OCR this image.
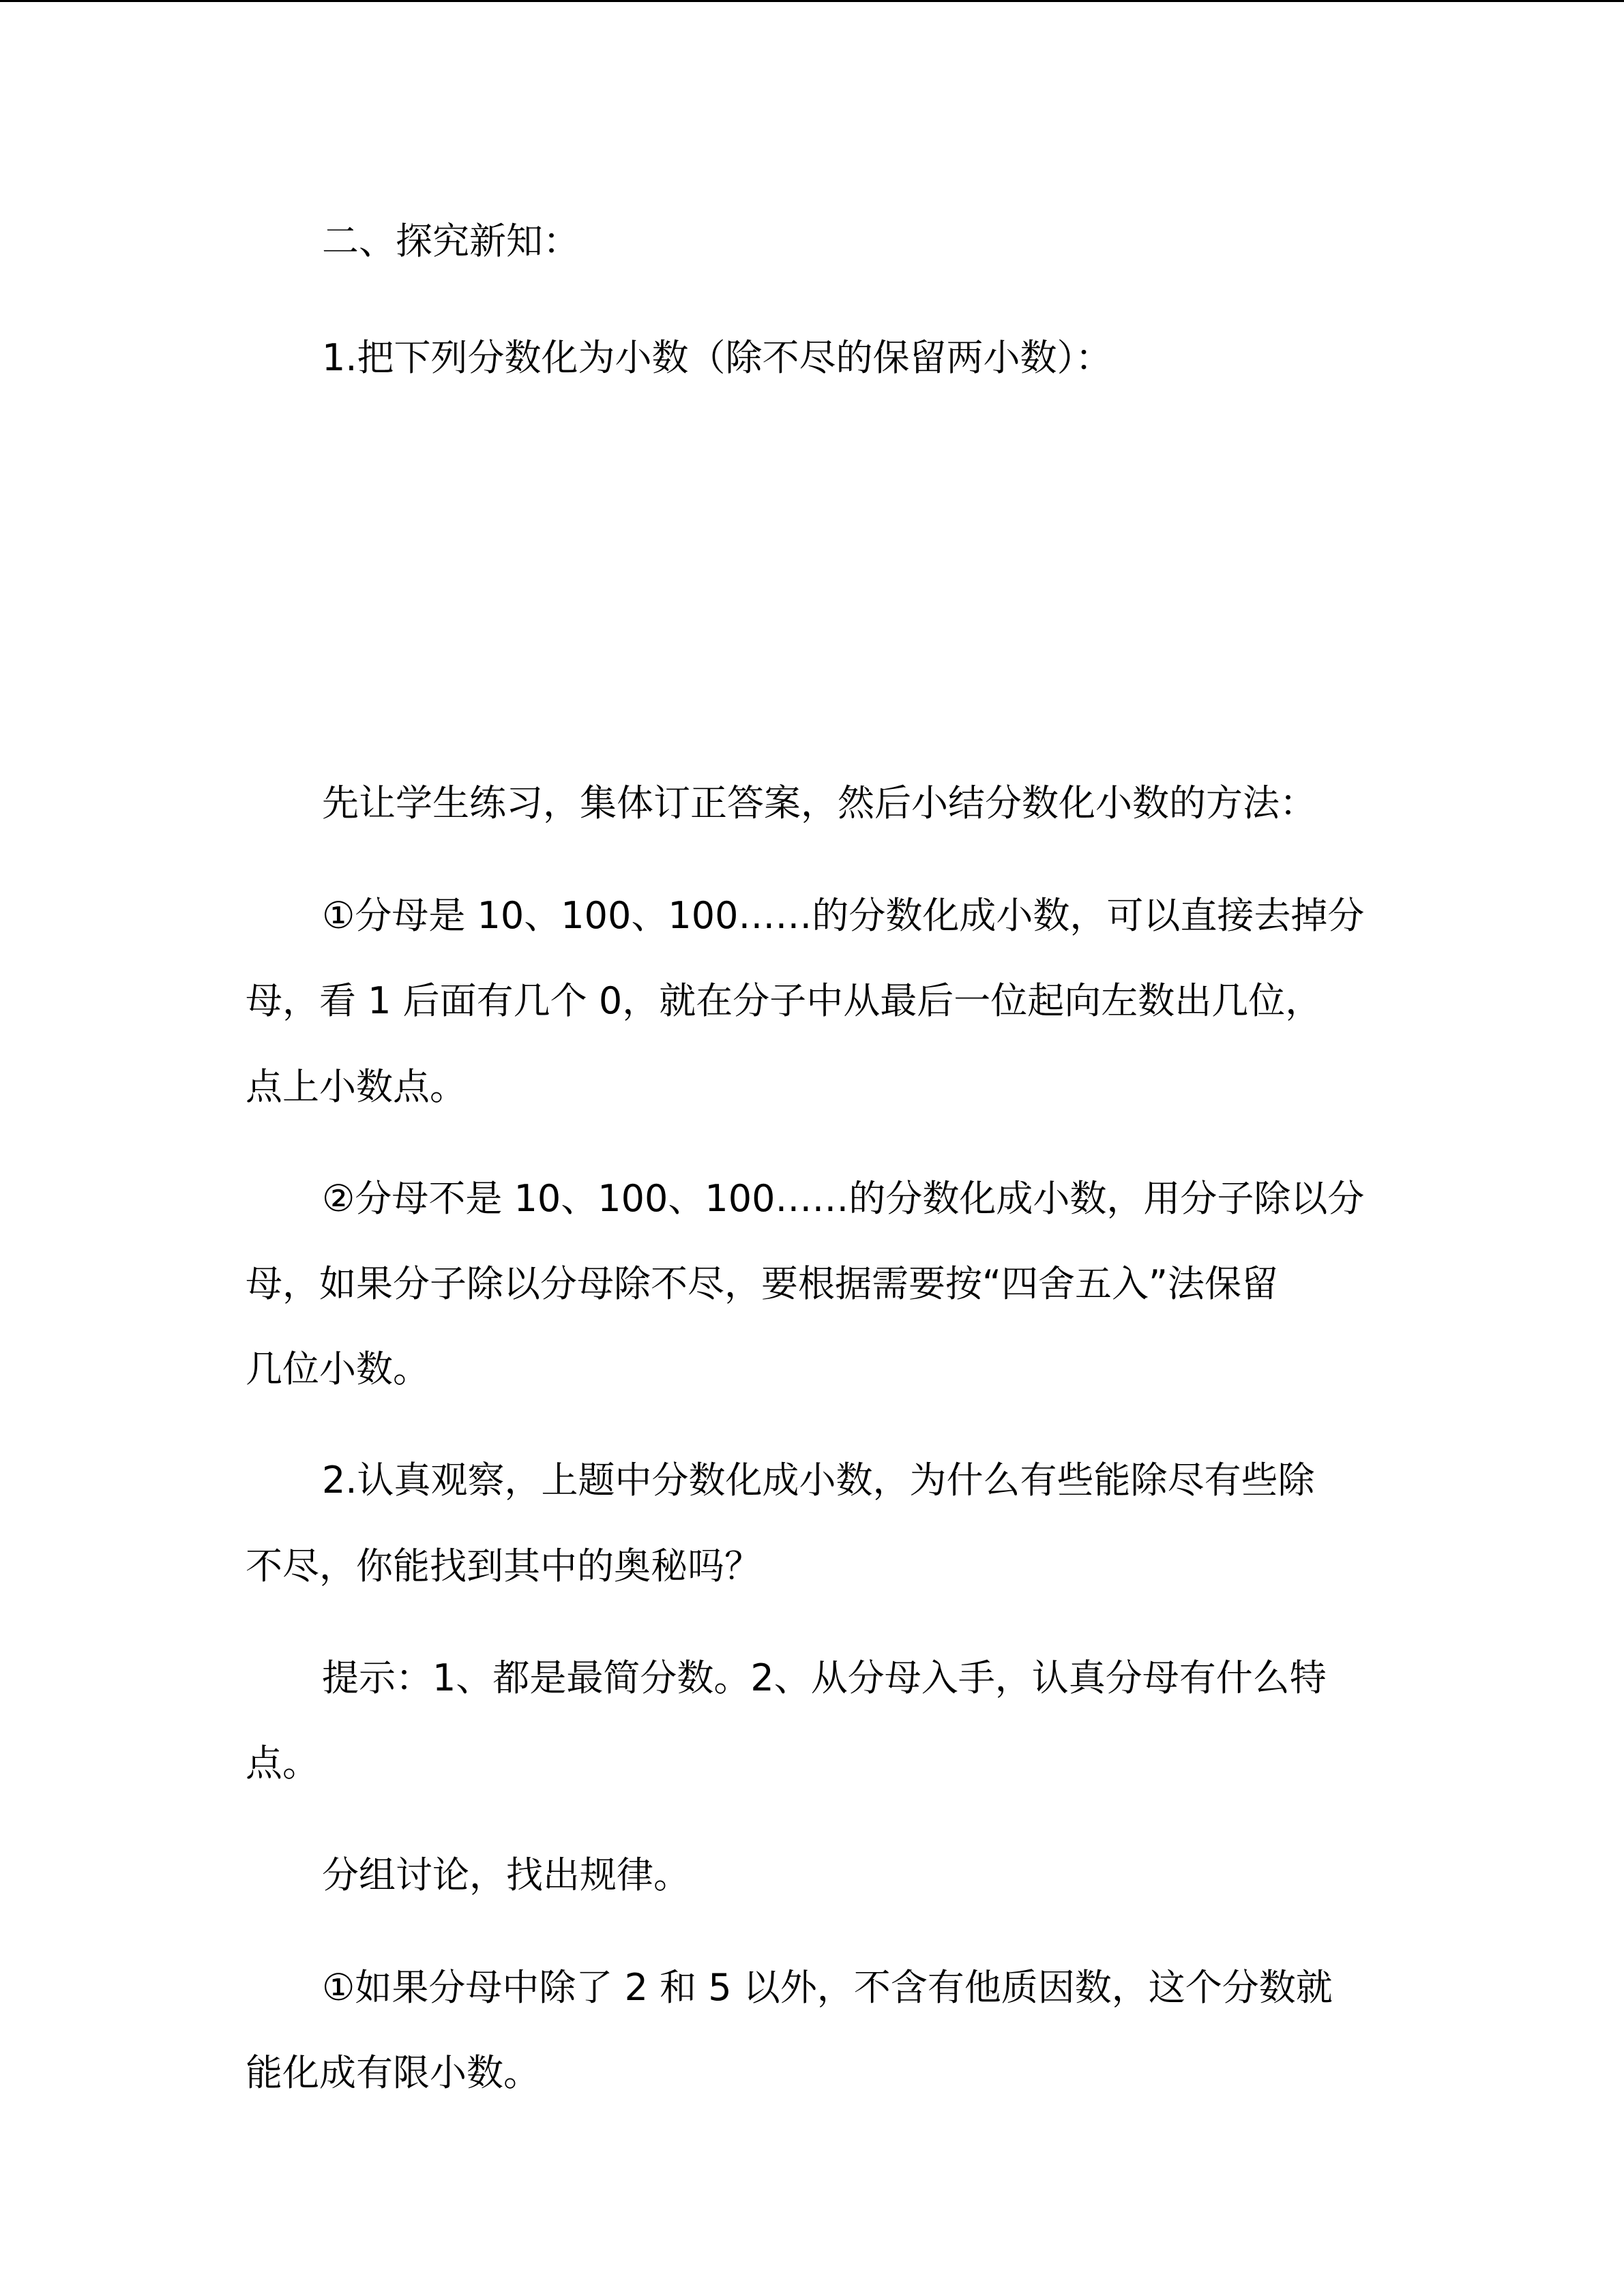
二、探究新知：
1.把下列分数化为小数（除不尽的保留两小数）：
先让学生练习，集体订正答案，然后小结分数化小数的方法：
①分母是 10、100、100……的分数化成小数，可以直接去掉分
母，看 1 后面有几个 0，就在分子中从最后一位起向左数出几位，
点上小数点。
②分母不是 10、100、100……的分数化成小数，用分子除以分
母，如果分子除以分母除不尽，要根据需要按“四舍五入”法保留
几位小数。
2.认真观察，上题中分数化成小数，为什么有些能除尽有些除
不尽，你能找到其中的奥秘吗？
提示：1、都是最简分数。2、从分母入手，认真分母有什么特
点。
分组讨论，找出规律。
①如果分母中除了 2 和 5 以外，不含有他质因数，这个分数就
能化成有限小数。
